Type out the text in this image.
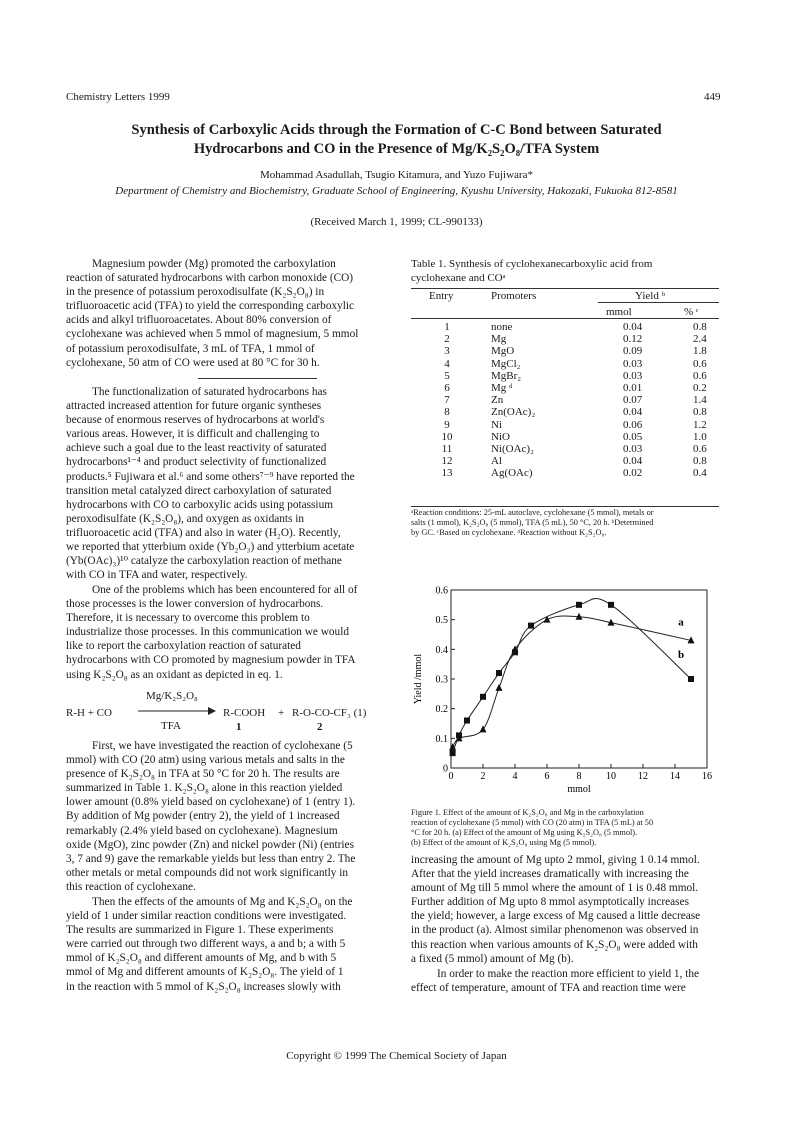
Chemistry Letters 1999	449
Synthesis of Carboxylic Acids through the Formation of C-C Bond between Saturated
Hydrocarbons and CO in the Presence of Mg/K₂S₂O₈/TFA System
Mohammad Asadullah, Tsugio Kitamura, and Yuzo Fujiwara*
Department of Chemistry and Biochemistry, Graduate School of Engineering, Kyushu University, Hakozaki, Fukuoka 812-8581
(Received March 1, 1999; CL-990133)
Magnesium powder (Mg) promoted the carboxylation
reaction of saturated hydrocarbons with carbon monoxide (CO)
in the presence of potassium peroxodisulfate (K₂S₂O₈) in
trifluoroacetic acid (TFA) to yield the corresponding carboxylic
acids and alkyl trifluoroacetates. About 80% conversion of
cyclohexane was achieved when 5 mmol of magnesium, 5 mmol
of potassium peroxodisulfate, 3 mL of TFA, 1 mmol of
cyclohexane, 50 atm of CO were used at 80 °C for 30 h.
The functionalization of saturated hydrocarbons has
attracted increased attention for future organic syntheses
because of enormous reserves of hydrocarbons at world's
various areas. However, it is difficult and challenging to
achieve such a goal due to the least reactivity of saturated
hydrocarbons¹⁻⁴ and product selectivity of functionalized
products.⁵ Fujiwara et al.⁶ and some others⁷⁻⁹ have reported the
transition metal catalyzed direct carboxylation of saturated
hydrocarbons with CO to carboxylic acids using potassium
peroxodisulfate (K₂S₂O₈), and oxygen as oxidants in
trifluoroacetic acid (TFA) and also in water (H₂O). Recently,
we reported that ytterbium oxide (Yb₂O₃) and ytterbium acetate
(Yb(OAc)₃)¹⁰ catalyze the carboxylation reaction of methane
with CO in TFA and water, respectively.
One of the problems which has been encountered for all of
those processes is the lower conversion of hydrocarbons.
Therefore, it is necessary to overcome this problem to
industrialize those processes. In this communication we would
like to report the carboxylation reaction of saturated
hydrocarbons with CO promoted by magnesium powder in TFA
using K₂S₂O₈ as an oxidant as depicted in eq. 1.
R-H + CO
Mg/K₂S₂O₈
TFA
R-COOH + R-O-CO-CF₃ (1)
1	2
First, we have investigated the reaction of cyclohexane (5
mmol) with CO (20 atm) using various metals and salts in the
presence of K₂S₂O₈ in TFA at 50 °C for 20 h. The results are
summarized in Table 1. K₂S₂O₈ alone in this reaction yielded
lower amount (0.8% yield based on cyclohexane) of 1 (entry 1).
By addition of Mg powder (entry 2), the yield of 1 increased
remarkably (2.4% yield based on cyclohexane). Magnesium
oxide (MgO), zinc powder (Zn) and nickel powder (Ni) (entries
3, 7 and 9) gave the remarkable yields but less than entry 2. The
other metals or metal compounds did not work significantly in
this reaction of cyclohexane.
Then the effects of the amounts of Mg and K₂S₂O₈ on the
yield of 1 under similar reaction conditions were investigated.
The results are summarized in Figure 1. These experiments
were carried out through two different ways, a and b; a with 5
mmol of K₂S₂O₈ and different amounts of Mg, and b with 5
mmol of Mg and different amounts of K₂S₂O₈. The yield of 1
in the reaction with 5 mmol of K₂S₂O₈ increases slowly with
Table 1. Synthesis of cyclohexanecarboxylic acid from
cyclohexane and COᵃ
Entry	Promoters	Yield ᵇ
mmol	% ᶜ
1	none	0.04	0.8
2	Mg	0.12	2.4
3	MgO	0.09	1.8
4	MgCl₂	0.03	0.6
5	MgBr₂	0.03	0.6
6	Mg ᵈ	0.01	0.2
7	Zn	0.07	1.4
8	Zn(OAc)₂	0.04	0.8
9	Ni	0.06	1.2
10	NiO	0.05	1.0
11	Ni(OAc)₂	0.03	0.6
12	Al	0.04	0.8
13	Ag(OAc)	0.02	0.4
ᵃReaction conditions: 25-mL autoclave, cyclohexane (5 mmol), metals or
salts (1 mmol), K₂S₂O₈ (5 mmol), TFA (5 mL), 50 °C, 20 h. ᵇDetermined
by GC. ᶜBased on cyclohexane. ᵈReaction without K₂S₂O₈.
0	2	4	6	8 10 12 14 16
0
0.1
0.2
0.3
0.4
0.5
0.6
mmol
Yield /mmol
a
b
Figure 1. Effect of the amount of K₂S₂O₈ and Mg in the carboxylation
reaction of cyclohexane (5 mmol) with CO (20 atm) in TFA (5 mL) at 50
°C for 20 h. (a) Effect of the amount of Mg using K₂S₂O₈ (5 mmol).
(b) Effect of the amount of K₂S₂O₈ using Mg (5 mmol).
increasing the amount of Mg upto 2 mmol, giving 1 0.14 mmol.
After that the yield increases dramatically with increasing the
amount of Mg till 5 mmol where the amount of 1 is 0.48 mmol.
Further addition of Mg upto 8 mmol asymptotically increases
the yield; however, a large excess of Mg caused a little decrease
in the product (a). Almost similar phenomenon was observed in
this reaction when various amounts of K₂S₂O₈ were added with
a fixed (5 mmol) amount of Mg (b).
In order to make the reaction more efficient to yield 1, the
effect of temperature, amount of TFA and reaction time were
Copyright © 1999 The Chemical Society of Japan
